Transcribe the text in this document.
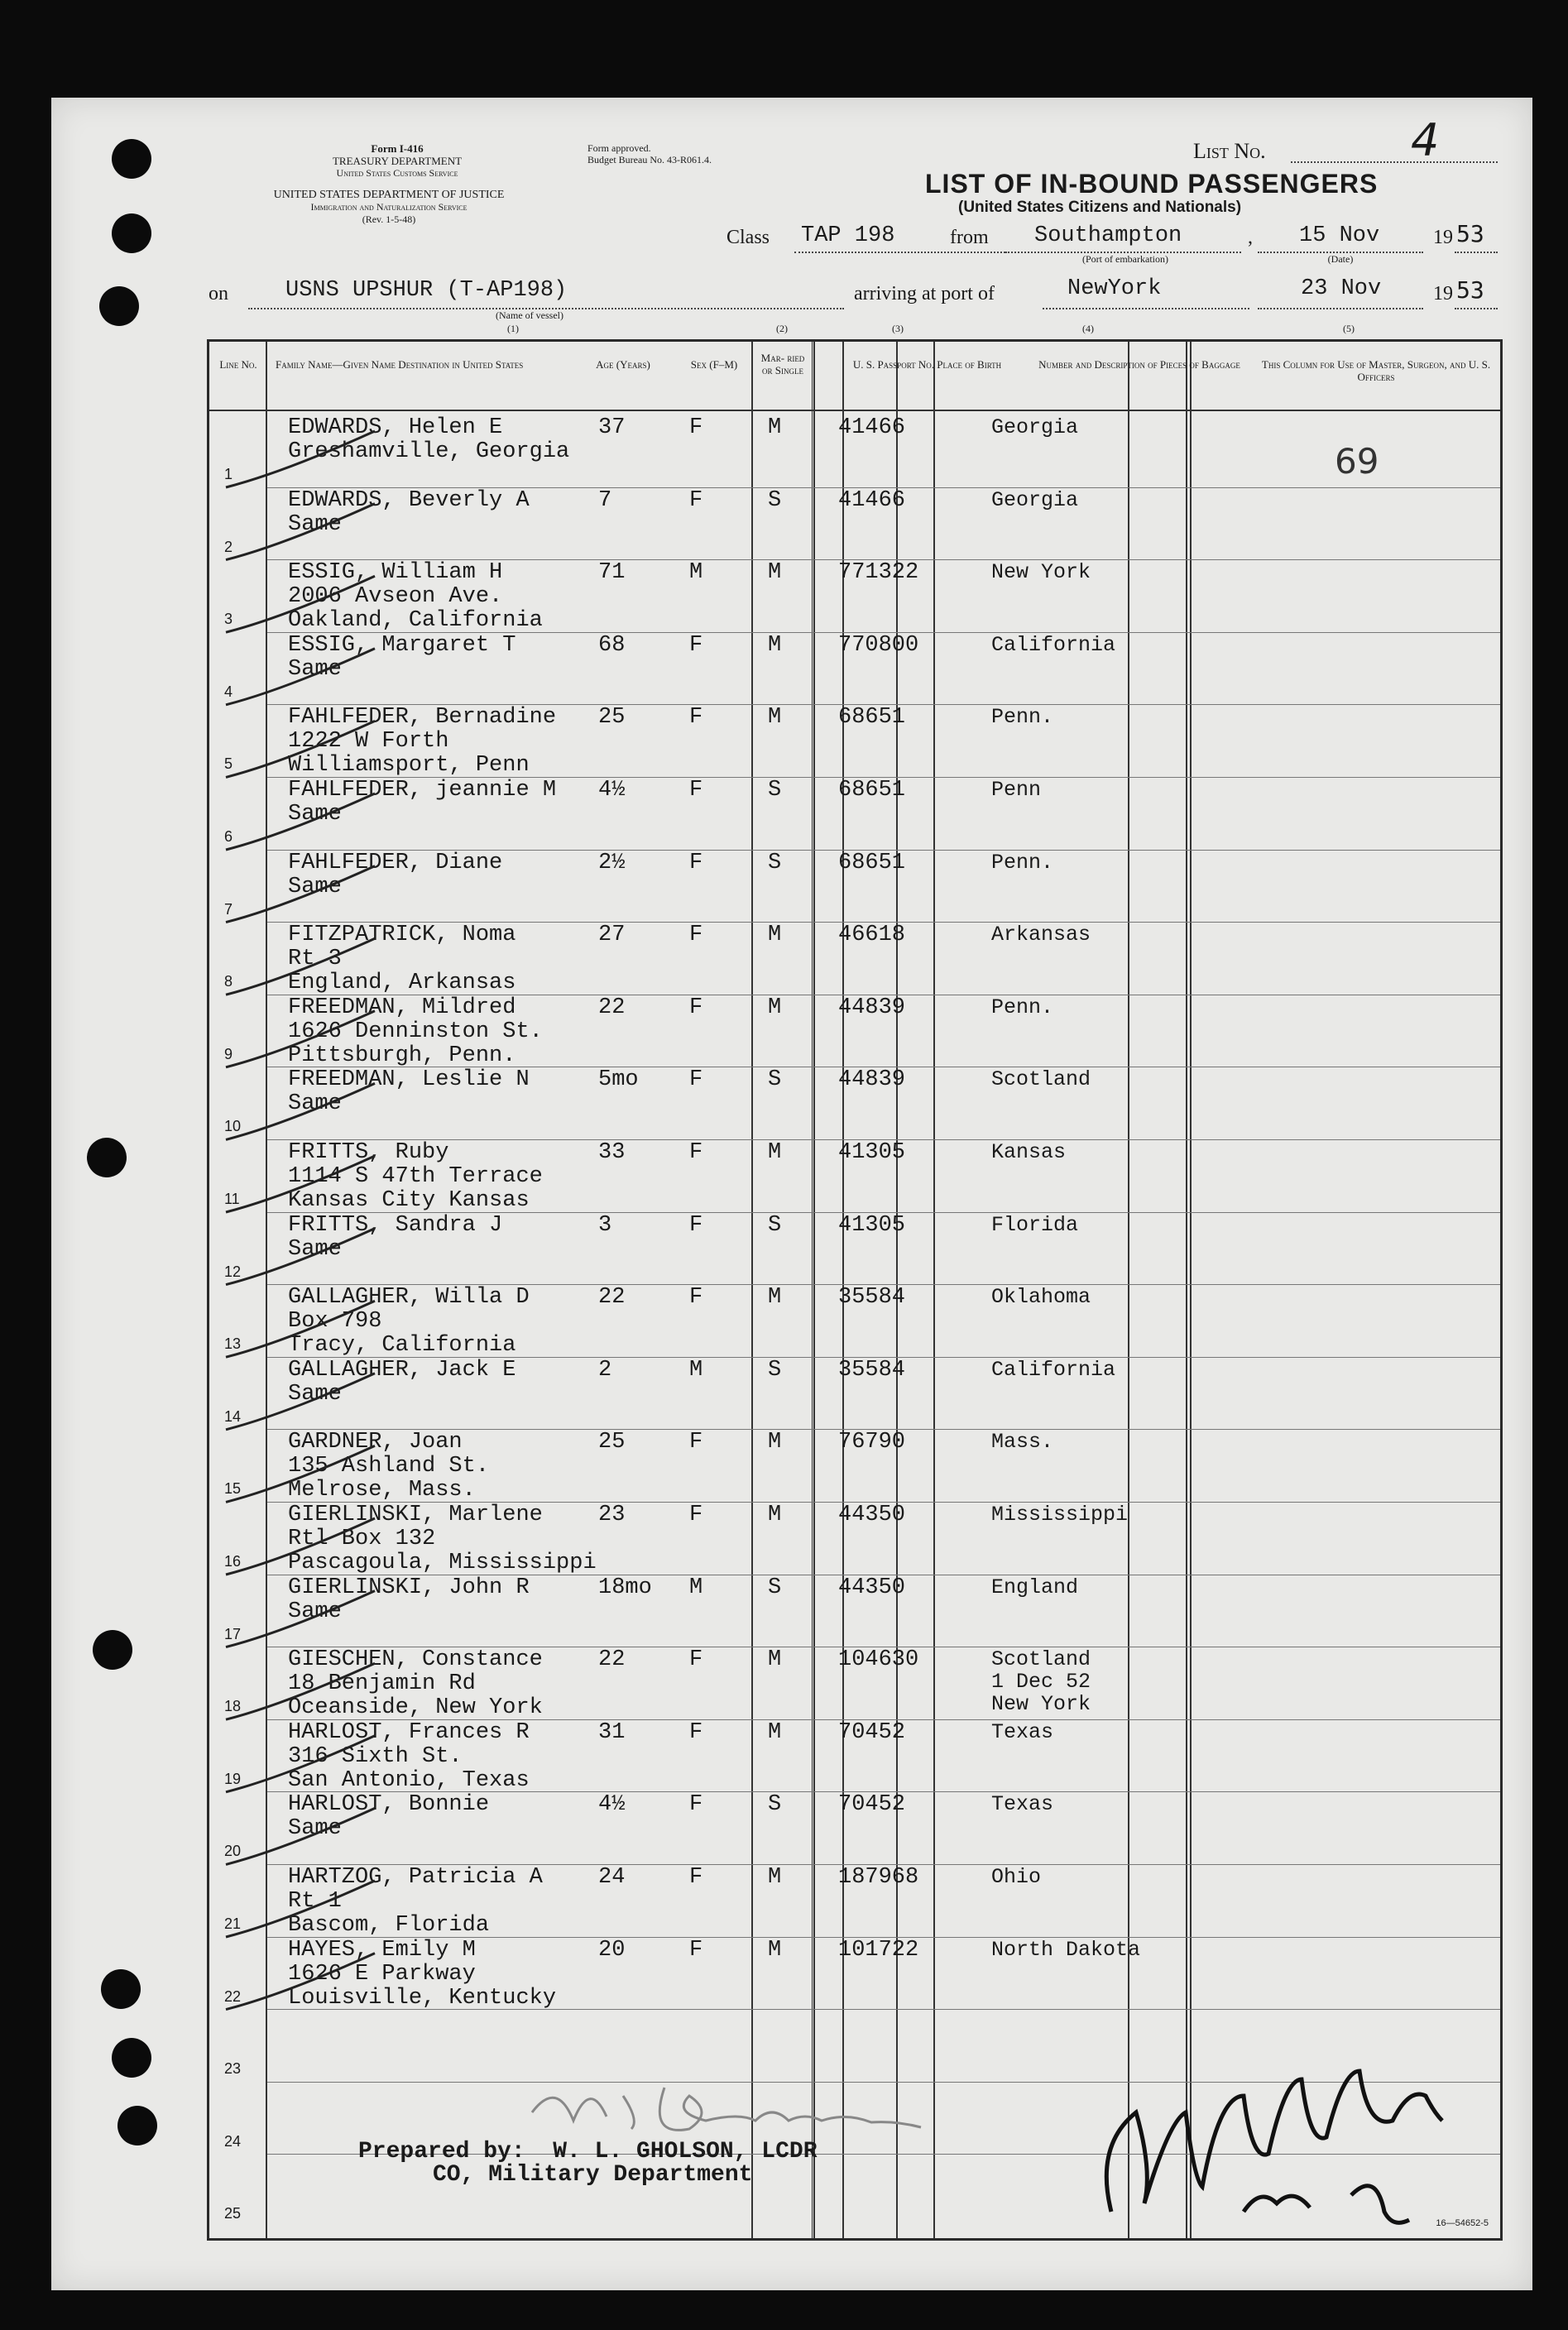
Form I-416
TREASURY DEPARTMENT
United States Customs Service
UNITED STATES DEPARTMENT OF JUSTICE
Immigration and Naturalization Service
(Rev. 1-5-48)
Form approved.
Budget Bureau No. 43-R061.4.	List No.	4
LIST OF IN-BOUND PASSENGERS
(United States Citizens and Nationals)
Class TAP 198	from Southampton
(Port of embarkation)
, 15 Nov
(Date)
19 53
on	USNS UPSHUR (T-AP198)
(Name of vessel)
arriving at port of	NewYork	23 Nov	19 53
(1)	(2)	(3)	(4)	(5)
Line No.	Family Name—Given Name Destination in United States	Age (Years)	Sex (F–M)
Mar- ried or Single	U. S. Passport No. Place of Birth	Number and Description of Pieces of Baggage	This Column for Use of Master, Surgeon, and U. S. Officers
1
EDWARDS, Helen E
Greshamville, Georgia
37	F	M	41466	Georgia
2
EDWARDS, Beverly A
Same
7	F	S	41466	Georgia
3
ESSIG, William H
2006 Avseon Ave.
Oakland, California
71	M	M	771322	New York
4
ESSIG, Margaret T
Same
68	F	M	770800	California
5
FAHLFEDER, Bernadine
1222 W Forth
Williamsport, Penn
25	F	M	68651	Penn.
6
FAHLFEDER, jeannie M
Same
4½	F	S	68651	Penn
7
FAHLFEDER, Diane
Same
2½	F	S	68651	Penn.
8
FITZPATRICK, Noma
Rt 3
England, Arkansas
27	F	M	46618	Arkansas
9
FREEDMAN, Mildred
1626 Denninston St.
Pittsburgh, Penn.
22	F	M	44839	Penn.
10
FREEDMAN, Leslie N
Same
5mo F	S	44839	Scotland
11
FRITTS, Ruby
1114 S 47th Terrace
Kansas City Kansas
33	F	M	41305	Kansas
12
FRITTS, Sandra J
Same
3	F	S	41305	Florida
13
GALLAGHER, Willa D
Box 798
Tracy, California
22	F	M	35584	Oklahoma
14
GALLAGHER, Jack E
Same
2	M	S	35584	California
15
GARDNER, Joan
135 Ashland St.
Melrose, Mass.
25	F	M	76790	Mass.
16
GIERLINSKI, Marlene
Rtl Box 132
Pascagoula, Mississippi
23	F	M	44350	Mississippi
17
GIERLINSKI, John R
Same
18mo M	S	44350	England
18
GIESCHEN, Constance
18 Benjamin Rd
Oceanside, New York
22	F	M	104630	Scotland
1 Dec 52
New York
19
HARLOST, Frances R
316 Sixth St.
San Antonio, Texas
31	F	M	70452	Texas
20
HARLOST, Bonnie
Same
4½	F	S	70452	Texas
21
HARTZOG, Patricia A
Rt 1
Bascom, Florida
24	F	M	187968	Ohio
22
HAYES, Emily M
1626 E Parkway
Louisville, Kentucky
20	F	M	101722	North Dakota
23
24
25
69
Prepared by:  W. L. GHOLSON, LCDR
CO, Military Department
16—54652-5
